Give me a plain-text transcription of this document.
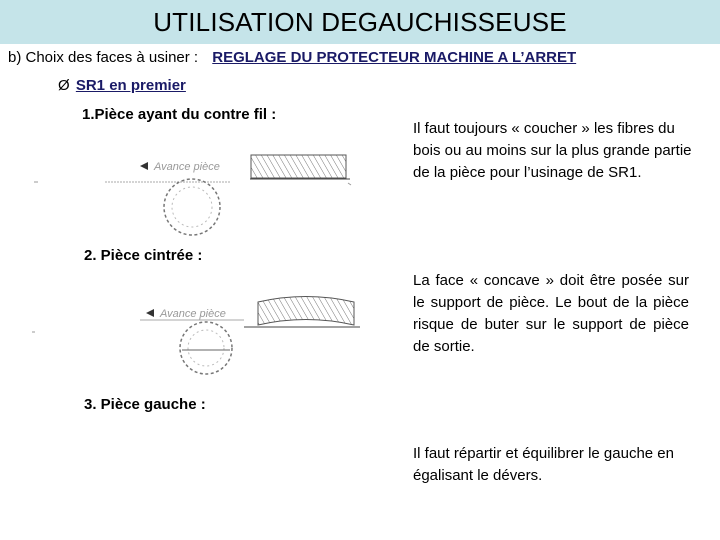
UTILISATION DEGAUCHISSEUSE
b) Choix des faces à usiner : REGLAGE DU PROTECTEUR MACHINE A L’ARRET
Ø SR1 en premier
1.Pièce ayant du contre fil :
Avance pièce
Il faut toujours « coucher » les fibres du bois ou au moins sur la plus grande partie de la pièce pour l’usinage de SR1.
2. Pièce cintrée :
Avance pièce
La face « concave » doit être posée sur le support de pièce. Le bout de la pièce risque de buter sur le support de pièce de sortie.
3. Pièce gauche :
Il faut répartir et équilibrer le gauche en égalisant le dévers.
